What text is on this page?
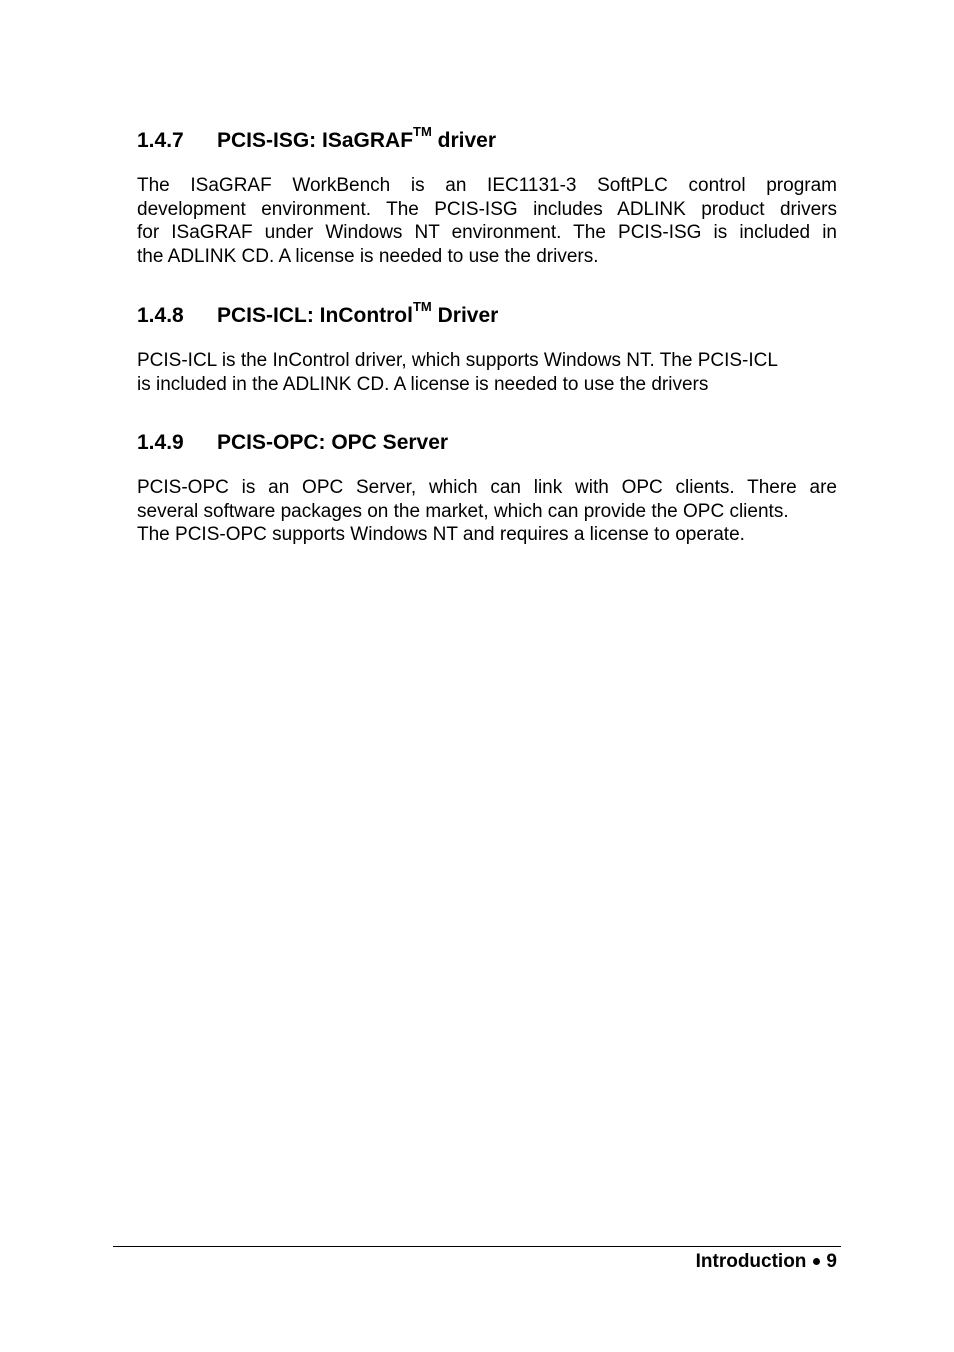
1.4.7 PCIS-ISG: ISaGRAF™ driver

The ISaGRAF WorkBench is an IEC1131-3 SoftPLC control program
development environment. The PCIS-ISG includes ADLINK product drivers
for ISaGRAF under Windows NT environment. The PCIS-ISG is included in
the ADLINK CD. A license is needed to use the drivers.

1.4.8 PCIS-ICL: InControl™ Driver

PCIS-ICL is the InControl driver, which supports Windows NT. The PCIS-ICL
is included in the ADLINK CD. A license is needed to use the drivers

1.4.9 PCIS-OPC: OPC Server

PCIS-OPC is an OPC Server, which can link with OPC clients. There are
several software packages on the market, which can provide the OPC clients.
The PCIS-OPC supports Windows NT and requires a license to operate.

Introduction 9
